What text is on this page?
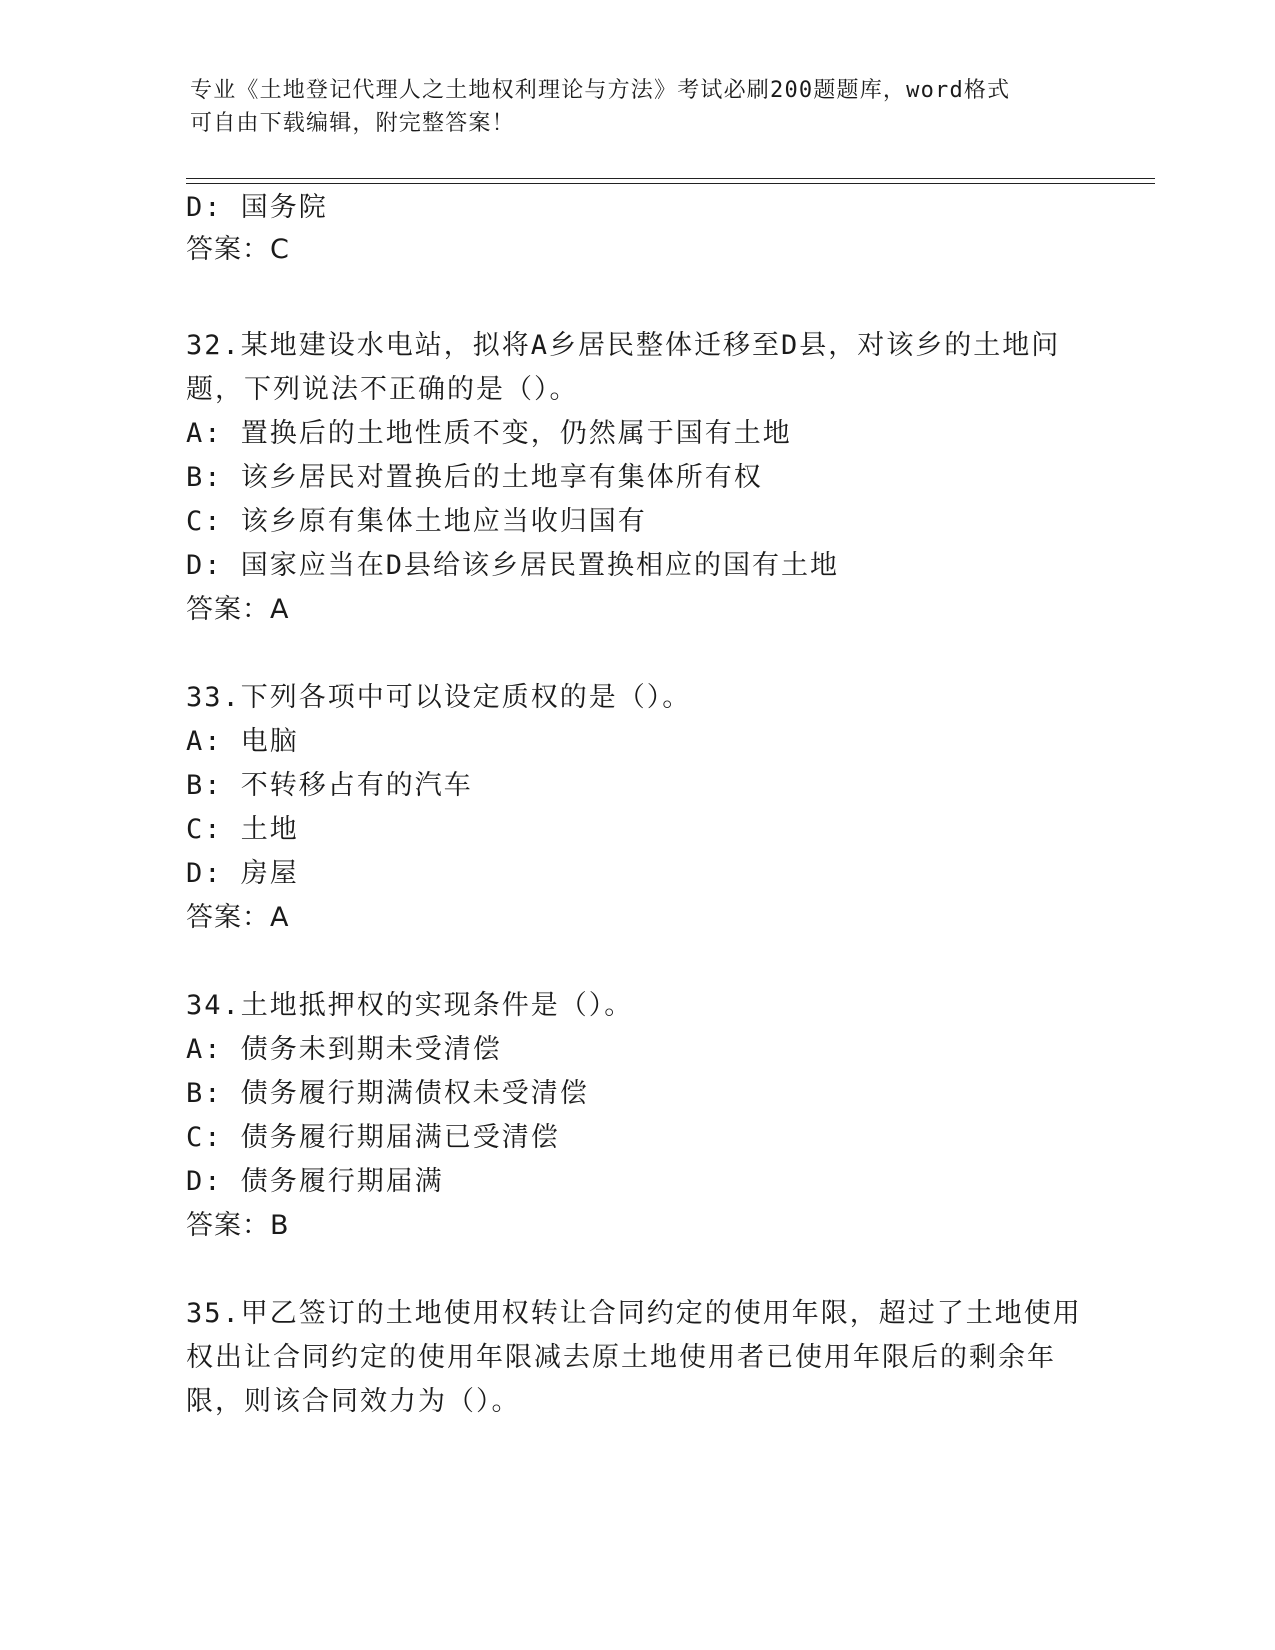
专业《土地登记代理人之土地权利理论与方法》考试必刷200题题库，word格式
可自由下载编辑，附完整答案！
D: 国务院
答案：C
32.某地建设水电站，拟将A乡居民整体迁移至D县，对该乡的土地问
题，下列说法不正确的是（）。
A: 置换后的土地性质不变，仍然属于国有土地
B: 该乡居民对置换后的土地享有集体所有权
C: 该乡原有集体土地应当收归国有
D: 国家应当在D县给该乡居民置换相应的国有土地
答案：A
33.下列各项中可以设定质权的是（）。
A: 电脑
B: 不转移占有的汽车
C: 土地
D: 房屋
答案：A
34.土地抵押权的实现条件是（）。
A: 债务未到期未受清偿
B: 债务履行期满债权未受清偿
C: 债务履行期届满已受清偿
D: 债务履行期届满
答案：B
35.甲乙签订的土地使用权转让合同约定的使用年限，超过了土地使用
权出让合同约定的使用年限减去原土地使用者已使用年限后的剩余年
限，则该合同效力为（）。
